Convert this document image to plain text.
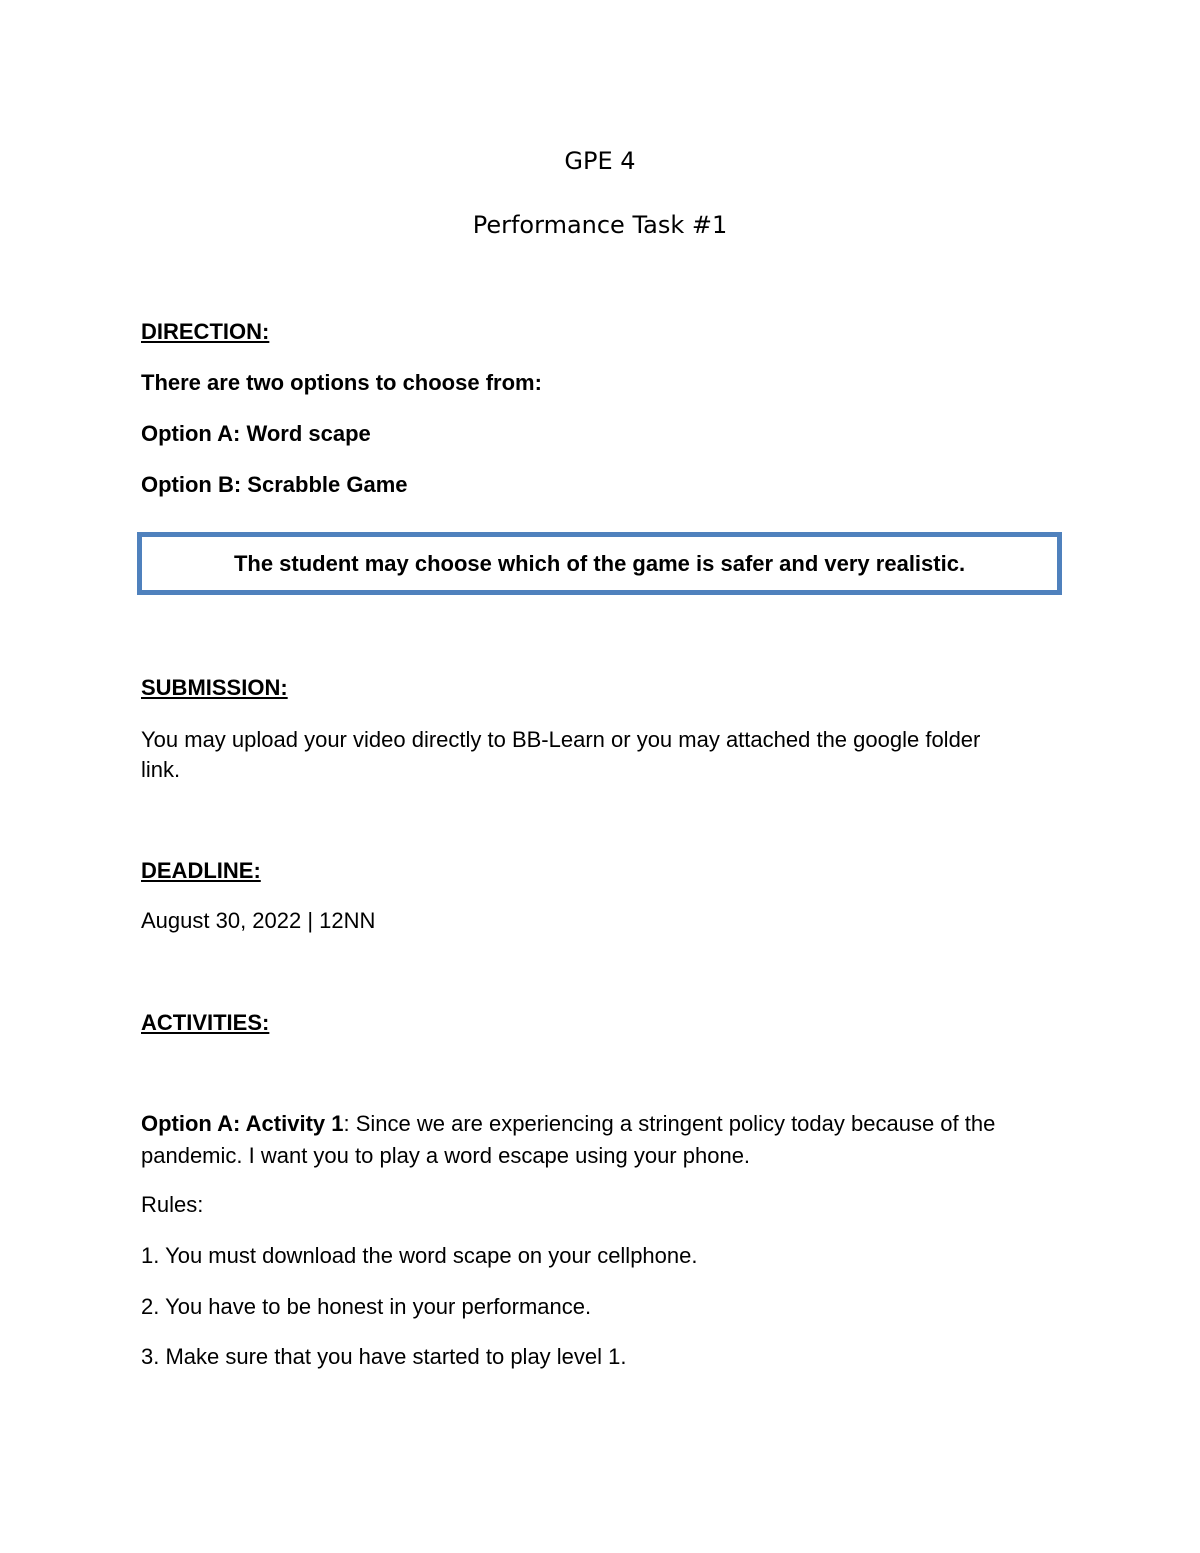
GPE 4
Performance Task #1
DIRECTION:
There are two options to choose from:
Option A: Word scape
Option B: Scrabble Game
The student may choose which of the game is safer and very realistic.
SUBMISSION:
You may upload your video directly to BB-Learn or you may attached the google folder
link.
DEADLINE:
August 30, 2022 | 12NN
ACTIVITIES:
Option A: Activity 1: Since we are experiencing a stringent policy today because of the
pandemic. I want you to play a word escape using your phone.
Rules:
1. You must download the word scape on your cellphone.
2. You have to be honest in your performance.
3. Make sure that you have started to play level 1.
